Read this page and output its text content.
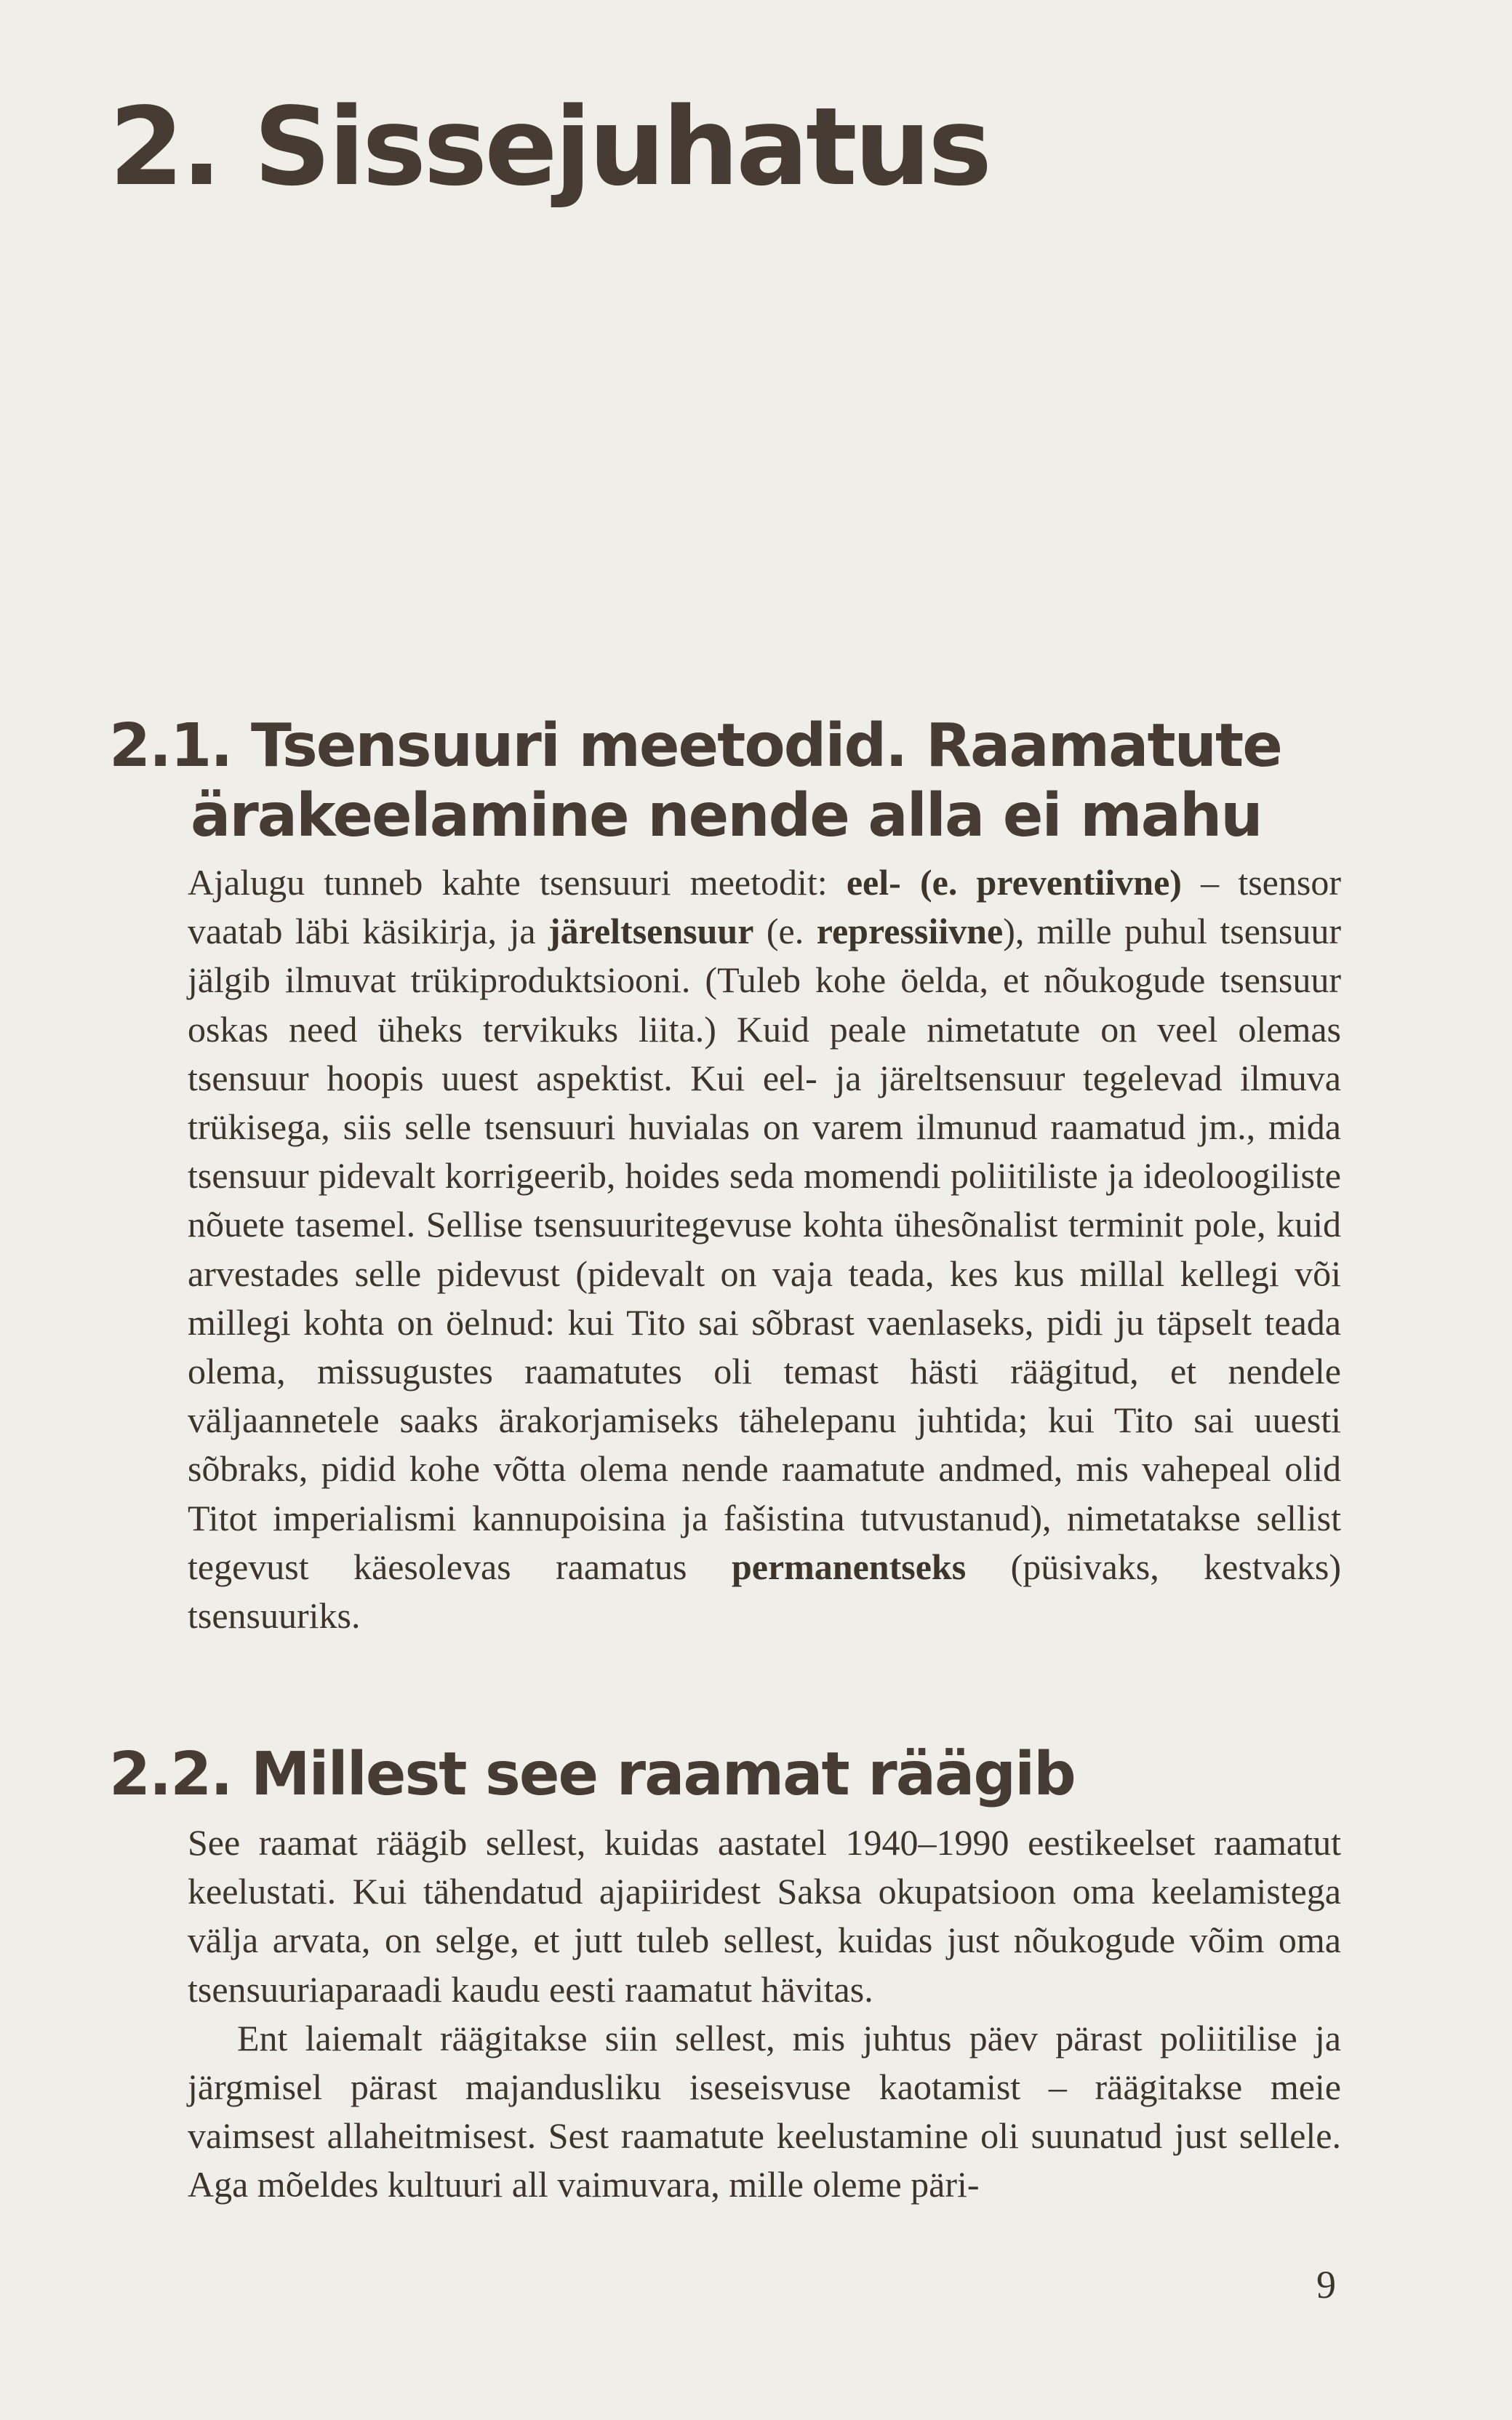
2. Sissejuhatus
2.1. Tsensuuri meetodid. Raamatute
ärakeelamine nende alla ei mahu

Ajalugu tunneb kahte tsensuuri meetodit: eel- (e. preventiivne) – tsensor vaatab läbi käsikirja, ja järeltsensuur (e. repressiivne), mille puhul tsensuur jälgib ilmuvat trükiproduktsiooni. (Tuleb kohe öelda, et nõukogude tsensuur oskas need üheks tervikuks liita.) Kuid peale nimetatute on veel olemas tsensuur hoopis uuest aspektist. Kui eel- ja järeltsensuur tegelevad ilmuva trükisega, siis selle tsensuuri huvialas on varem ilmunud raamatud jm., mida tsensuur pidevalt korrigeerib, hoides seda momendi poliitiliste ja ideoloogiliste nõuete tasemel. Sellise tsensuuritegevuse kohta ühesõnalist terminit pole, kuid arvestades selle pidevust (pidevalt on vaja teada, kes kus millal kellegi või millegi kohta on öelnud: kui Tito sai sõbrast vaenlaseks, pidi ju täpselt teada olema, missugustes raamatutes oli temast hästi räägitud, et nendele väljaannetele saaks ärakorjamiseks tähelepanu juhtida; kui Tito sai uuesti sõbraks, pidid kohe võtta olema nende raamatute andmed, mis vahepeal olid Titot imperialismi kannupoisina ja fašistina tutvustanud), nimetatakse sellist tegevust käesolevas raamatus permanentseks (püsivaks, kestvaks) tsensuuriks.

2.2. Millest see raamat räägib

See raamat räägib sellest, kuidas aastatel 1940–1990 eestikeelset raamatut keelustati. Kui tähendatud ajapiiridest Saksa okupatsioon oma keelamistega välja arvata, on selge, et jutt tuleb sellest, kuidas just nõukogude võim oma tsensuuriaparaadi kaudu eesti raamatut hävitas.

Ent laiemalt räägitakse siin sellest, mis juhtus päev pärast poliitilise ja järgmisel pärast majandusliku iseseisvuse kaotamist – räägitakse meie vaimsest allaheitmisest. Sest raamatute keelustamine oli suunatud just sellele. Aga mõeldes kultuuri all vaimuvara, mille oleme päri-

9
